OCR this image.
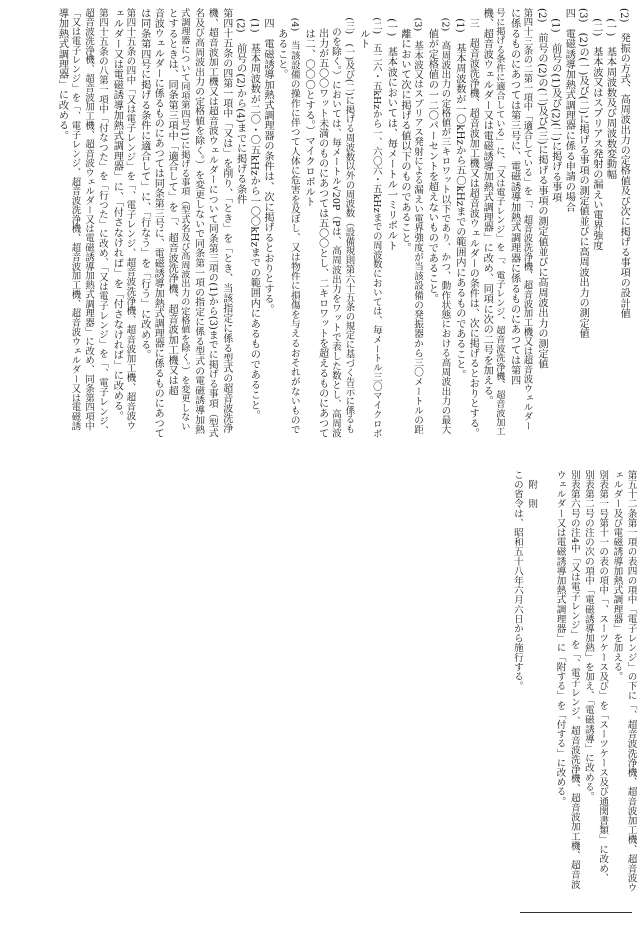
(2)　発振の方式、高周波出力の定格値及び次に掲げる事項の設計値
　(一)　基本周波数及び周波数変動幅
　(二)　基本波又はスプリアス発射の漏えい電界強度
(3)　(2)の(一)及び(二)に掲げる事項の測定値並びに高周波出力の測定値
四　電磁誘導加熱式調理器に係る申請の場合
　(1)　前号の(1)及び(2)(二)に掲げる事項
(2)　前号の(2)の(二)及び(三)に掲げる事項の測定値並びに高周波出力の測定値
第四十三条の二第一項中「適合している」を「、超音波洗浄機、超音波加工機又は超音波ウェルダー
に係るものにあつては第三号に、電磁誘導加熱式調理器に係るものにあつては第四
号に掲げる条件に適合している」に、「又は電子レンジ」を「、電子レンジ、超音波洗浄機、超音波加工
機、超音波ウェルダー又は電磁誘導加熱式調理器」に改め、同項に次の二号を加える。
　三　超音波洗浄機、超音波加工機又は超音波ウェルダーの条件は、次に掲げるとおりとする。
　(1)　基本周波数が一〇kHzから五〇kHzまでの範囲内にあるものであること。
　(2)　高周波出力の定格値が三キロワット以下であり、かつ、動作状態における高周波出力の最大
　　値が定格値の一二〇パーセントを超えないものであること。
　(3)　基本波又はスプリアス発射による漏えい電界強度が当該設備の発振器から三〇メートルの距
　　離において次に掲げる値以下のものであること。
　(一)　基本波においては、毎メートル一ミリボルト
　(二)　五二六・五kHzから一、六〇六・五kHzまでの周波数においては、毎メートル三〇マイクロボ
　　ルト
　(三)　(一)及び(二)に掲げる周波数以外の周波数（設備規則第六十五条の規定に基づく告示に係るも
　　のを除く。）においては、毎メートル√20P（Pは、高周波出力をワットで表した数とし、高周波
　　出力が五〇〇ワット未満のものにあつては五〇〇とし、二キロワットを超えるものにあつて
　　は二、〇〇〇とする。）マイクロボルト
　(4)　当該設備の操作に伴つて人体に危害を及ぼし、又は物件に損傷を与えるおそれがないもので
　　あること。
　四　電磁誘導加熱式調理器の条件は、次に掲げるとおりとする。
　(1)　基本周波数が二〇・〇五kHzから一〇〇kHzまでの範囲内にあるものであること。
　(2)　前号の(2)から(4)までに掲げる条件
第四十五条の四第一項中「又は」を削り、「とき」を「とき、当該指定に係る型式の超音波洗浄
機、超音波加工機又は超音波ウェルダーについて同条第三項の(1)から(3)までに掲げる事項（型式
名及び高周波出力の定格値を除く。）を変更しないで同条第一項の指定に係る型式の電磁誘導加熱
式調理器について同項第四号(1)に掲げる事項（型式名及び高周波出力の定格値を除く。）を変更しない
とするときは、同条第三項中「適合して」を「、超音波洗浄機、超音波加工機又は超
音波ウェルダーに係るものにあつては同条第三号に、電磁誘導加熱式調理器に係るものにあつて
は同条第四号に掲げる条件に適合して」に、「行なう」を「行う」に改める。
第四十五条の四中「又は電子レンジ」を「、電子レンジ、超音波洗浄機、超音波加工機、超音波ウ
ェルダー又は電磁誘導加熱式調理器」に、「付さなければ」を「付さなければ」に改める。
第四十五条の八第一項中「付なつた」を「行つた」に改め、「又は電子レンジ」を「、電子レンジ、
超音波洗浄機、超音波加工機、超音波ウェルダー又は電磁誘導加熱式調理器」に改め、同条第四項中
「又は電子レンジ」を「、電子レンジ、超音波洗浄機、超音波加工機、超音波ウェルダー又は電磁誘
導加熱式調理器」に改める。
第五十二条第一項の表四の項中「電子レンジ」の下に「、超音波洗浄機、超音波加工機、超音波ウ
ェルダー及び電磁誘導加熱式調理器」を加える。
別表第一号第十一の表の項中「、スーツケース及び」を「スーツケース及び通関書類」に改め、
別表第二号の注の次の項中「電磁誘導加熱」を加え、「電磁誘導」に改める。
別表第六号の注4中「又は電子レンジ」を「、電子レンジ、超音波洗浄機、超音波加工機、超音波
ウェルダー又は電磁誘導加熱式調理器」に「附する」を「付する」に改める。
　附　則
この省令は、昭和五十八年六月六日から施行する。
